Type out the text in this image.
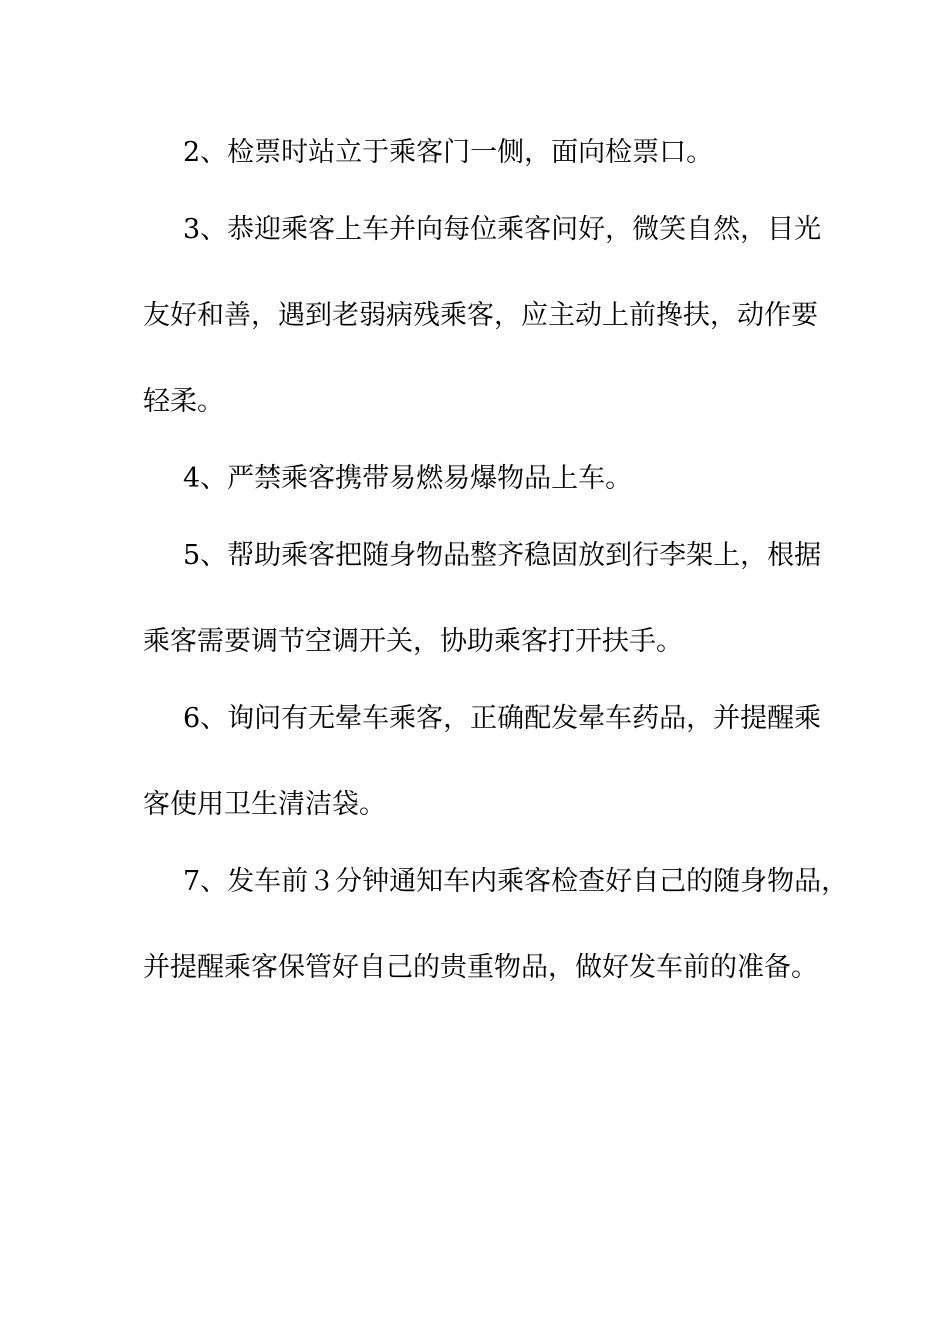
2、检票时站立于乘客门一侧，面向检票口。

3、恭迎乘客上车并向每位乘客问好，微笑自然，目光

友好和善，遇到老弱病残乘客，应主动上前搀扶，动作要

轻柔。

4、严禁乘客携带易燃易爆物品上车。

5、帮助乘客把随身物品整齐稳固放到行李架上，根据

乘客需要调节空调开关，协助乘客打开扶手。

6、询问有无晕车乘客，正确配发晕车药品，并提醒乘

客使用卫生清洁袋。

7、发车前３分钟通知车内乘客检查好自己的随身物品，

并提醒乘客保管好自己的贵重物品，做好发车前的准备。
